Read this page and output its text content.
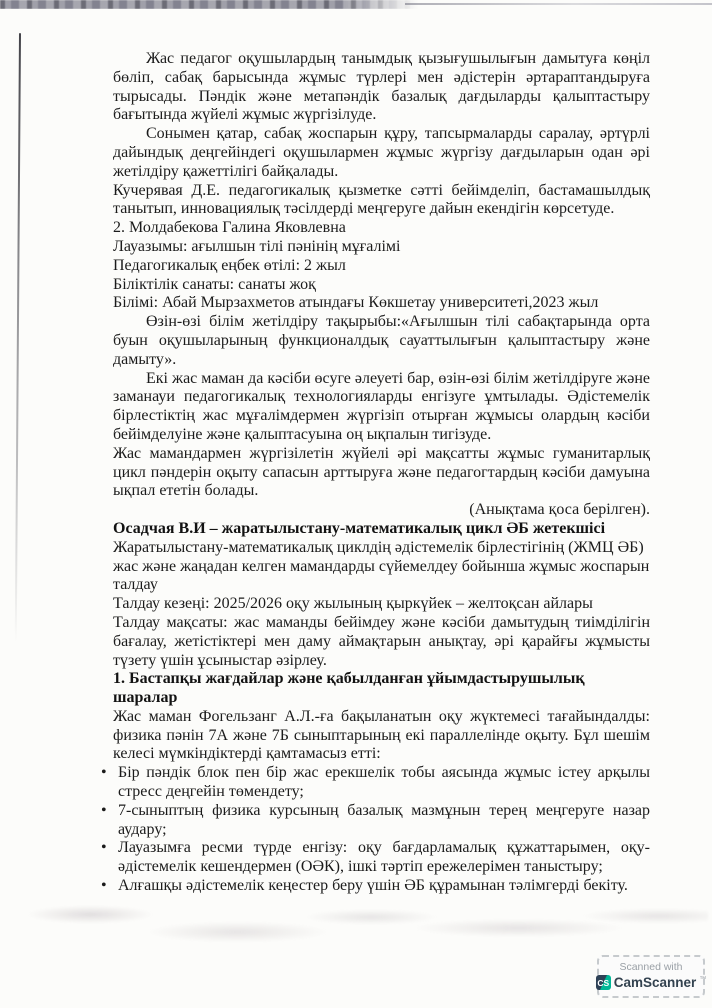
Жас педагог оқушылардың танымдық қызығушылығын дамытуға көңіл бөліп, сабақ барысында жұмыс түрлері мен әдістерін әртараптандыруға тырысады. Пәндік және метапәндік базалық дағдыларды қалыптастыру бағытында жүйелі жұмыс жүргізілуде.

Сонымен қатар, сабақ жоспарын құру, тапсырмаларды саралау, әртүрлі дайындық деңгейіндегі оқушылармен жұмыс жүргізу дағдыларын одан әрі жетілдіру қажеттілігі байқалады.

Кучерявая Д.Е. педагогикалық қызметке сәтті бейімделіп, бастамашылдық танытып, инновациялық тәсілдерді меңгеруге дайын екендігін көрсетуде.

2. Молдабекова Галина Яковлевна

Лауазымы: ағылшын тілі пәнінің мұғалімі

Педагогикалық еңбек өтілі: 2 жыл

Біліктілік санаты: санаты жоқ

Білімі: Абай Мырзахметов атындағы Көкшетау университеті,2023 жыл

Өзін-өзі білім жетілдіру тақырыбы:«Ағылшын тілі сабақтарында орта буын оқушыларының функционалдық сауаттылығын қалыптастыру және дамыту».

Екі жас маман да кәсіби өсуге әлеуеті бар, өзін-өзі білім жетілдіруге және заманауи педагогикалық технологияларды енгізуге ұмтылады. Әдістемелік бірлестіктің жас мұғалімдермен жүргізіп отырған жұмысы олардың кәсіби бейімделуіне және қалыптасуына оң ықпалын тигізуде.

Жас мамандармен жүргізілетін жүйелі әрі мақсатты жұмыс гуманитарлық цикл пәндерін оқыту сапасын арттыруға және педагогтардың кәсіби дамуына ықпал ететін болады.

(Анықтама қоса берілген).

Осадчая В.И – жаратылыстану-математикалық цикл ӘБ жетекшісі

Жаратылыстану-математикалық циклдің әдістемелік бірлестігінің (ЖМЦ ӘБ) жас және жаңадан келген мамандарды сүйемелдеу бойынша жұмыс жоспарын талдау

Талдау кезеңі: 2025/2026 оқу жылының қыркүйек – желтоқсан айлары

Талдау мақсаты: жас маманды бейімдеу және кәсіби дамытудың тиімділігін бағалау, жетістіктері мен даму аймақтарын анықтау, әрі қарайғы жұмысты түзету үшін ұсыныстар әзірлеу.

1. Бастапқы жағдайлар және қабылданған ұйымдастырушылық шаралар

Жас маман Фогельзанг А.Л.-ға бақыланатын оқу жүктемесі тағайындалды: физика пәнін 7А және 7Б сыныптарының екі параллелінде оқыту. Бұл шешім келесі мүмкіндіктерді қамтамасыз етті:

• Бір пәндік блок пен бір жас ерекшелік тобы аясында жұмыс істеу арқылы стресс деңгейін төмендету;
• 7-сыныптың физика курсының базалық мазмұнын терең меңгеруге назар аудару;
• Лауазымға ресми түрде енгізу: оқу бағдарламалық құжаттарымен, оқу-әдістемелік кешендермен (ОӘК), ішкі тәртіп ережелерімен таныстыру;
• Алғашқы әдістемелік кеңестер беру үшін ӘБ құрамынан тәлімгерді бекіту.
Scanned with
CS CamScanner ™
